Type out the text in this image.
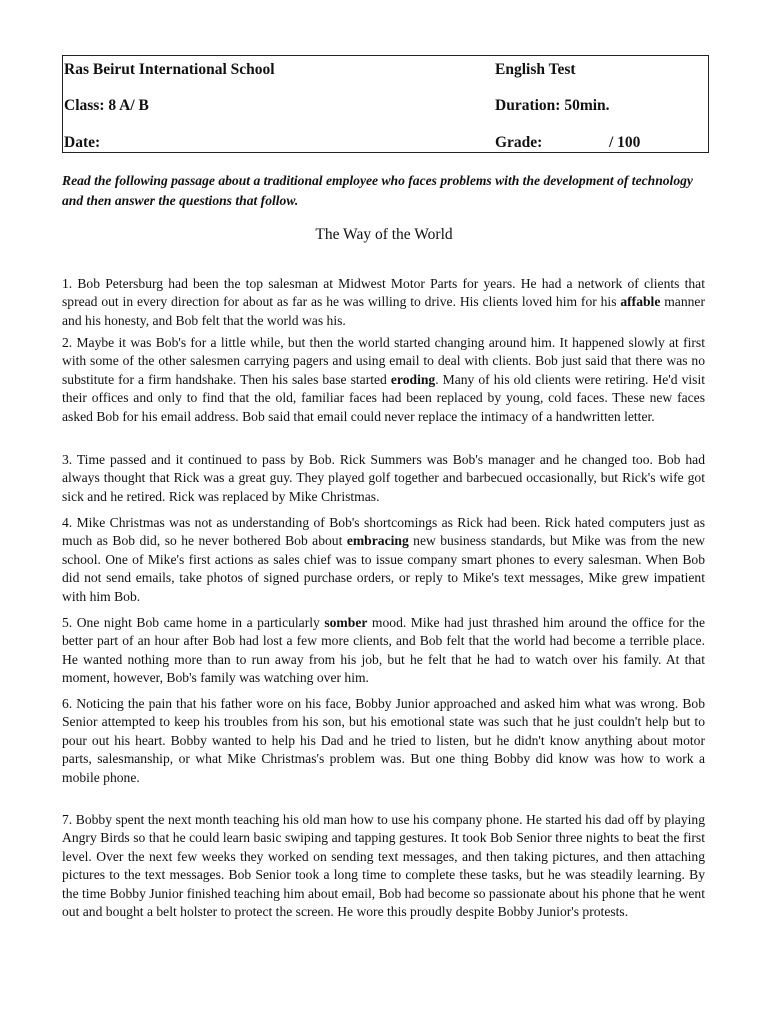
Ras Beirut International School	English Test
Class: 8 A/ B	Duration: 50min.
Date:	Grade:	/ 100
Read the following passage about a traditional employee who faces problems with the development of technology and then answer the questions that follow.
The Way of the World
1. Bob Petersburg had been the top salesman at Midwest Motor Parts for years. He had a network of clients that spread out in every direction for about as far as he was willing to drive. His clients loved him for his affable manner and his honesty, and Bob felt that the world was his.
2. Maybe it was Bob's for a little while, but then the world started changing around him. It happened slowly at first with some of the other salesmen carrying pagers and using email to deal with clients. Bob just said that there was no substitute for a firm handshake. Then his sales base started eroding. Many of his old clients were retiring. He'd visit their offices and only to find that the old, familiar faces had been replaced by young, cold faces. These new faces asked Bob for his email address. Bob said that email could never replace the intimacy of a handwritten letter.
3. Time passed and it continued to pass by Bob. Rick Summers was Bob's manager and he changed too. Bob had always thought that Rick was a great guy. They played golf together and barbecued occasionally, but Rick's wife got sick and he retired. Rick was replaced by Mike Christmas.
4. Mike Christmas was not as understanding of Bob's shortcomings as Rick had been. Rick hated computers just as much as Bob did, so he never bothered Bob about embracing new business standards, but Mike was from the new school. One of Mike's first actions as sales chief was to issue company smart phones to every salesman. When Bob did not send emails, take photos of signed purchase orders, or reply to Mike's text messages, Mike grew impatient with him Bob.
5. One night Bob came home in a particularly somber mood. Mike had just thrashed him around the office for the better part of an hour after Bob had lost a few more clients, and Bob felt that the world had become a terrible place. He wanted nothing more than to run away from his job, but he felt that he had to watch over his family. At that moment, however, Bob's family was watching over him.
6. Noticing the pain that his father wore on his face, Bobby Junior approached and asked him what was wrong. Bob Senior attempted to keep his troubles from his son, but his emotional state was such that he just couldn't help but to pour out his heart. Bobby wanted to help his Dad and he tried to listen, but he didn't know anything about motor parts, salesmanship, or what Mike Christmas's problem was. But one thing Bobby did know was how to work a mobile phone.
7. Bobby spent the next month teaching his old man how to use his company phone. He started his dad off by playing Angry Birds so that he could learn basic swiping and tapping gestures. It took Bob Senior three nights to beat the first level. Over the next few weeks they worked on sending text messages, and then taking pictures, and then attaching pictures to the text messages. Bob Senior took a long time to complete these tasks, but he was steadily learning. By the time Bobby Junior finished teaching him about email, Bob had become so passionate about his phone that he went out and bought a belt holster to protect the screen. He wore this proudly despite Bobby Junior's protests.
